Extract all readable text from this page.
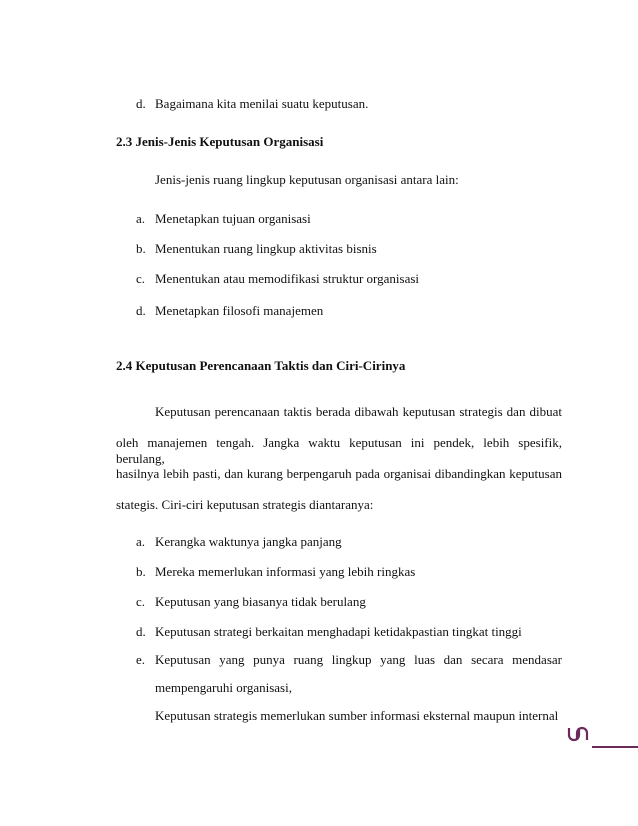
d. Bagaimana kita menilai suatu keputusan.
2.3 Jenis-Jenis Keputusan Organisasi
Jenis-jenis ruang lingkup keputusan organisasi antara lain:
a. Menetapkan tujuan organisasi
b. Menentukan ruang lingkup aktivitas bisnis
c. Menentukan atau memodifikasi struktur organisasi
d. Menetapkan filosofi manajemen
2.4 Keputusan Perencanaan Taktis dan Ciri-Cirinya
Keputusan perencanaan taktis berada dibawah keputusan strategis dan dibuat
oleh manajemen tengah. Jangka waktu keputusan ini pendek, lebih spesifik, berulang,
hasilnya lebih pasti, dan kurang berpengaruh pada organisai dibandingkan keputusan
stategis. Ciri-ciri keputusan strategis diantaranya:
a. Kerangka waktunya jangka panjang
b. Mereka memerlukan informasi yang lebih ringkas
c. Keputusan yang biasanya tidak berulang
d. Keputusan strategi berkaitan menghadapi ketidakpastian tingkat tinggi
e. Keputusan yang punya ruang lingkup yang luas dan secara mendasar
mempengaruhi organisasi,
Keputusan strategis memerlukan sumber informasi eksternal maupun internal
